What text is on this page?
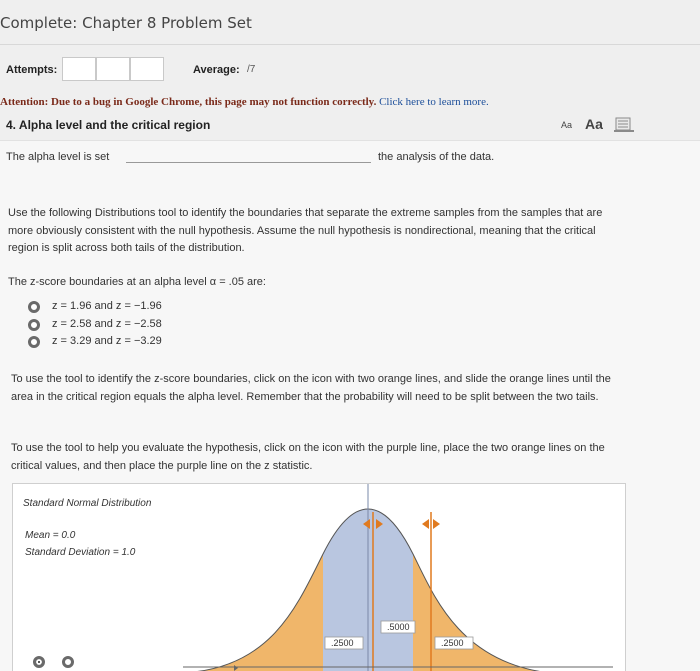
Complete: Chapter 8 Problem Set
Attempts:	Average: /7
Attention: Due to a bug in Google Chrome, this page may not function correctly. Click here to learn more.
4. Alpha level and the critical region	Aa Aa
The alpha level is set	the analysis of the data.
Use the following Distributions tool to identify the boundaries that separate the extreme samples from the samples that are more obviously consistent with the null hypothesis. Assume the null hypothesis is nondirectional, meaning that the critical region is split across both tails of the distribution.
The z-score boundaries at an alpha level α = .05 are:
z = 1.96 and z = −1.96
z = 2.58 and z = −2.58
z = 3.29 and z = −3.29
To use the tool to identify the z-score boundaries, click on the icon with two orange lines, and slide the orange lines until the area in the critical region equals the alpha level. Remember that the probability will need to be split between the two tails.
To use the tool to help you evaluate the hypothesis, click on the icon with the purple line, place the two orange lines on the critical values, and then place the purple line on the z statistic.
Standard Normal Distribution
Mean = 0.0
Standard Deviation = 1.0
.5000
.2500	.2500
